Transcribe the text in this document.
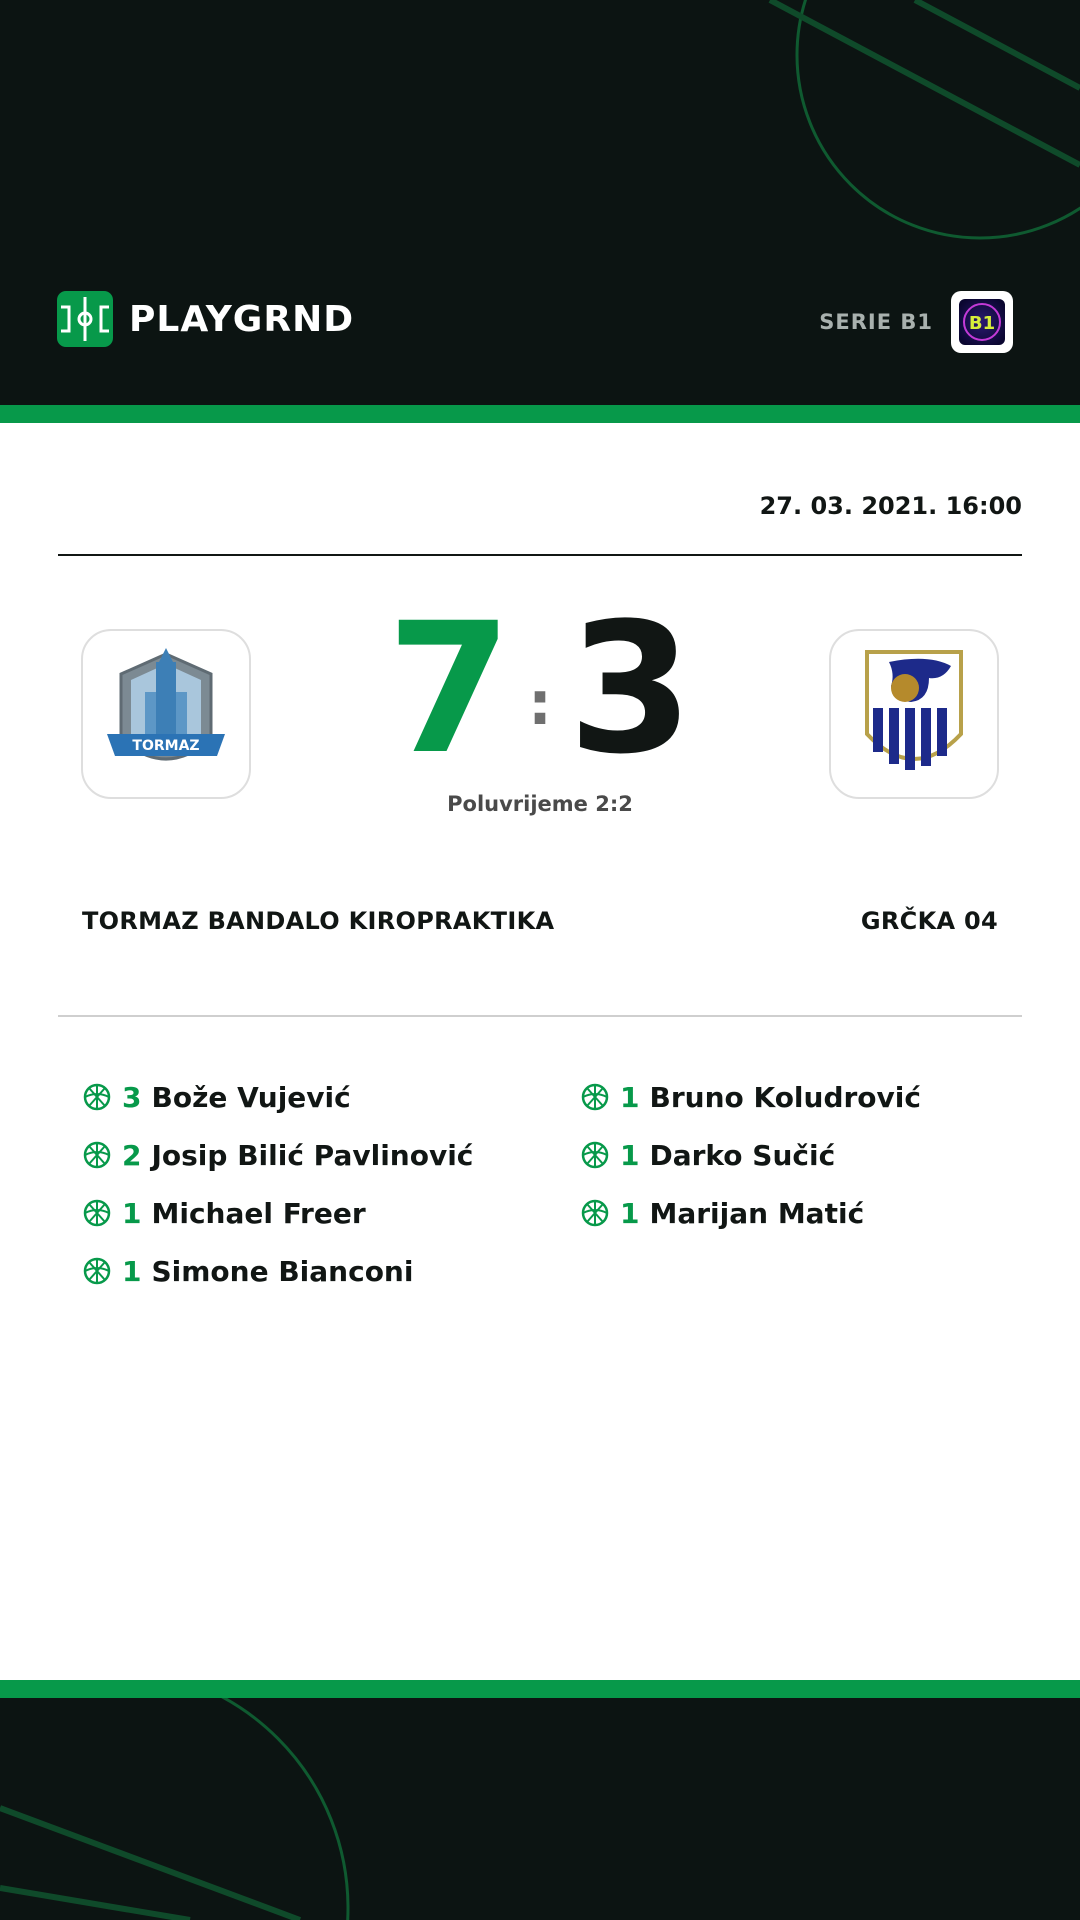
PLAYGRND	SERIE B1 B1
27. 03. 2021. 16:00
TORMAZ	7 :3
Poluvrijeme 2:2
TORMAZ BANDALO KIROPRAKTIKA	GRČKA 04
3 Bože Vujević
2 Josip Bilić Pavlinović
1 Michael Freer
1 Simone Bianconi
1 Bruno Koludrović
1 Darko Sučić
1 Marijan Matić
